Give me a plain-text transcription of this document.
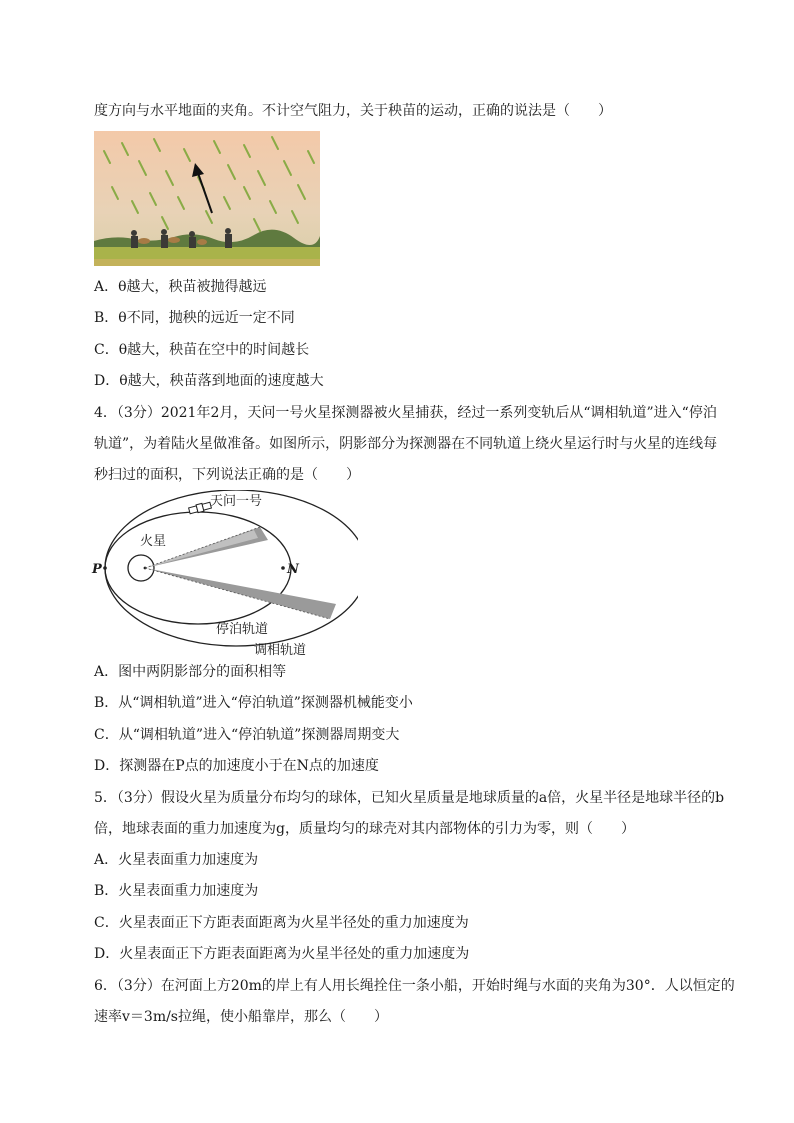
度方向与水平地面的夹角。不计空气阻力，关于秧苗的运动，正确的说法是（　　）
A．θ越大，秧苗被抛得越远
B．θ不同，抛秧的远近一定不同
C．θ越大，秧苗在空中的时间越长
D．θ越大，秧苗落到地面的速度越大
4．（3分）2021年2月，天问一号火星探测器被火星捕获，经过一系列变轨后从“调相轨道”进入“停泊
轨道”，为着陆火星做准备。如图所示，阴影部分为探测器在不同轨道上绕火星运行时与火星的连线每
秒扫过的面积，下列说法正确的是（　　）
天问一号
火星
P	N
停泊轨道
调相轨道
A．图中两阴影部分的面积相等
B．从“调相轨道”进入“停泊轨道”探测器机械能变小
C．从“调相轨道”进入“停泊轨道”探测器周期变大
D．探测器在P点的加速度小于在N点的加速度
5．（3分）假设火星为质量分布均匀的球体，已知火星质量是地球质量的a倍，火星半径是地球半径的b
倍，地球表面的重力加速度为g，质量均匀的球壳对其内部物体的引力为零，则（　　）
A．火星表面重力加速度为
B．火星表面重力加速度为
C．火星表面正下方距表面距离为火星半径处的重力加速度为
D．火星表面正下方距表面距离为火星半径处的重力加速度为
6．（3分）在河面上方20m的岸上有人用长绳拴住一条小船，开始时绳与水面的夹角为30°．人以恒定的
速率v＝3m/s拉绳，使小船靠岸，那么（　　）
